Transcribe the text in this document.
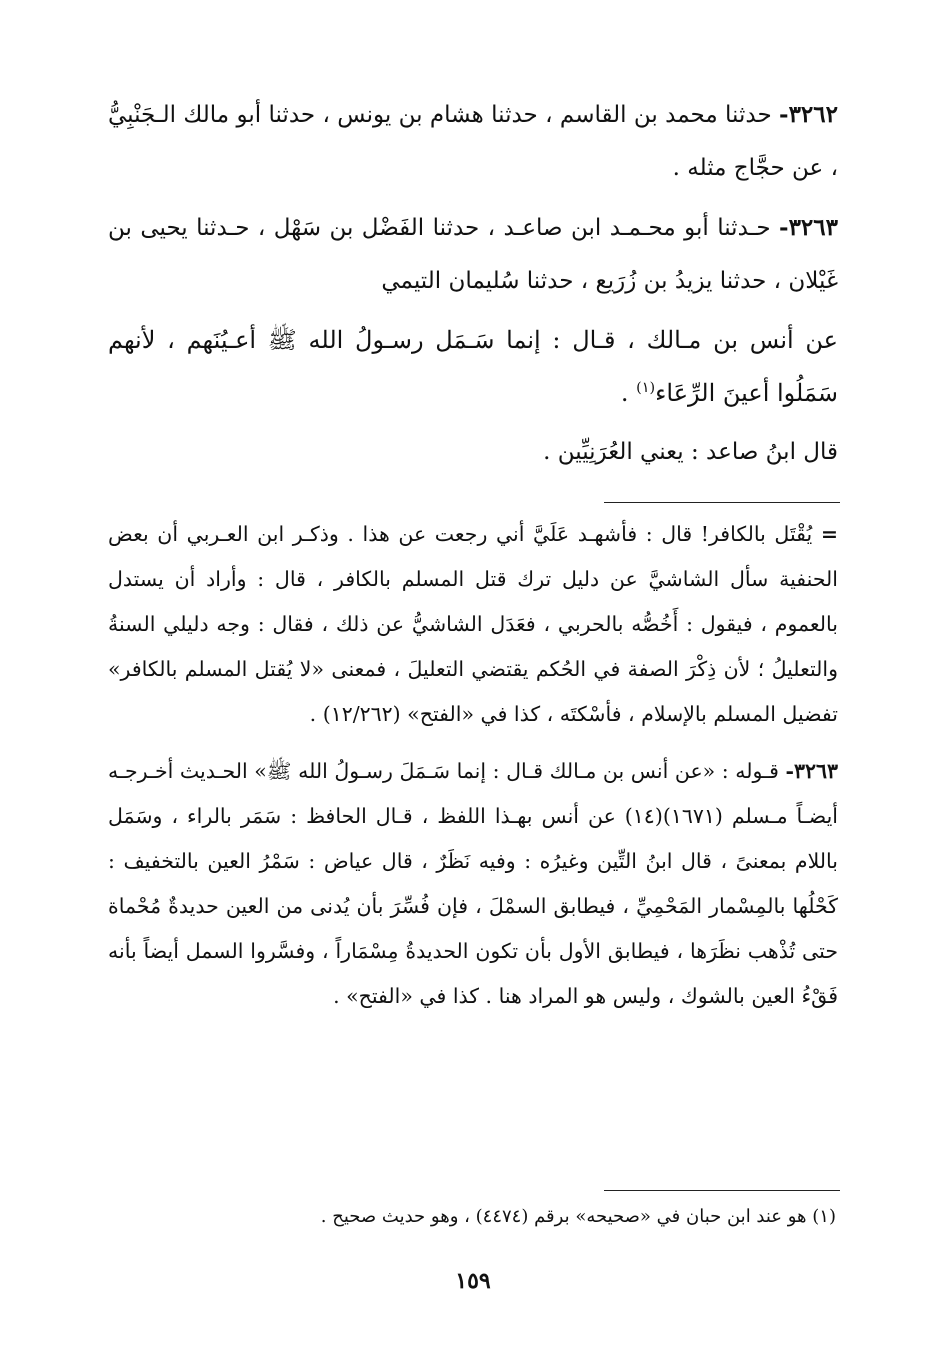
٣٢٦٢- حدثنا محمد بن القاسم ، حدثنا هشام بن يونس ، حدثنا أبو مالك الـجَنْبِيُّ ، عن حجَّاج مثله .

٣٢٦٣- حـدثنا أبو محـمـد ابن صاعـد ، حدثنا الفَضْل بن سَهْل ، حـدثنا يحيى بن غَيْلان ، حدثنا يزيدُ بن زُرَيع ، حدثنا سُليمان التيمي

عن أنس بن مـالك ، قـال : إنما سَـمَل رسـولُ الله ﷺ أعـيُنَهم ، لأنهم سَمَلُوا أعينَ الرِّعَاء$^{(١)}$ .

قال ابنُ صاعد : يعني العُرَنِيِّين .

= يُقْتَل بالكافر! قال : فأشهـد عَلَيَّ أني رجعت عن هذا . وذكـر ابن العـربي أن بعض الحنفية سأل الشاشيَّ عن دليل ترك قتل المسلم بالكافر ، قال : وأراد أن يستدل بالعموم ، فيقول : أَخُصُّه بالحربي ، فعَدَل الشاشيُّ عن ذلك ، فقال : وجه دليلي السنةُ والتعليلُ ؛ لأن ذِكْرَ الصفة في الحُكم يقتضي التعليلَ ، فمعنى «لا يُقتل المسلم بالكافر» تفضيل المسلم بالإسلام ، فأسْكتَه ، كذا في «الفتح» (١٢/٢٦٢) .

٣٢٦٣- قـوله : «عن أنس بن مـالك قـال : إنما سَـمَلَ رسـولُ الله ﷺ» الحـديث أخـرجـه أيضـاً مـسلم (١٦٧١)(١٤) عن أنس بهـذا اللفظ ، قـال الحافظ : سَمَر بالراء ، وسَمَل باللام بمعنىً ، قال ابنُ التِّين وغيرُه : وفيه نَظَرٌ ، قال عياض : سَمْرُ العين بالتخفيف : كَحْلُها بالمِسْمار المَحْمِيِّ ، فيطابق السمْلَ ، فإن فُسِّرَ بأن يُدنى من العين حديدةٌ مُحْماة حتى تُذْهب نظَرَها ، فيطابق الأول بأن تكون الحديدةُ مِسْمَاراً ، وفسَّروا السمل أيضاً بأنه فَقْءُ العين بالشوك ، وليس هو المراد هنا . كذا في «الفتح» .

(١) هو عند ابن حبان في «صحيحه» برقم (٤٤٧٤) ، وهو حديث صحيح .
١٥٩
